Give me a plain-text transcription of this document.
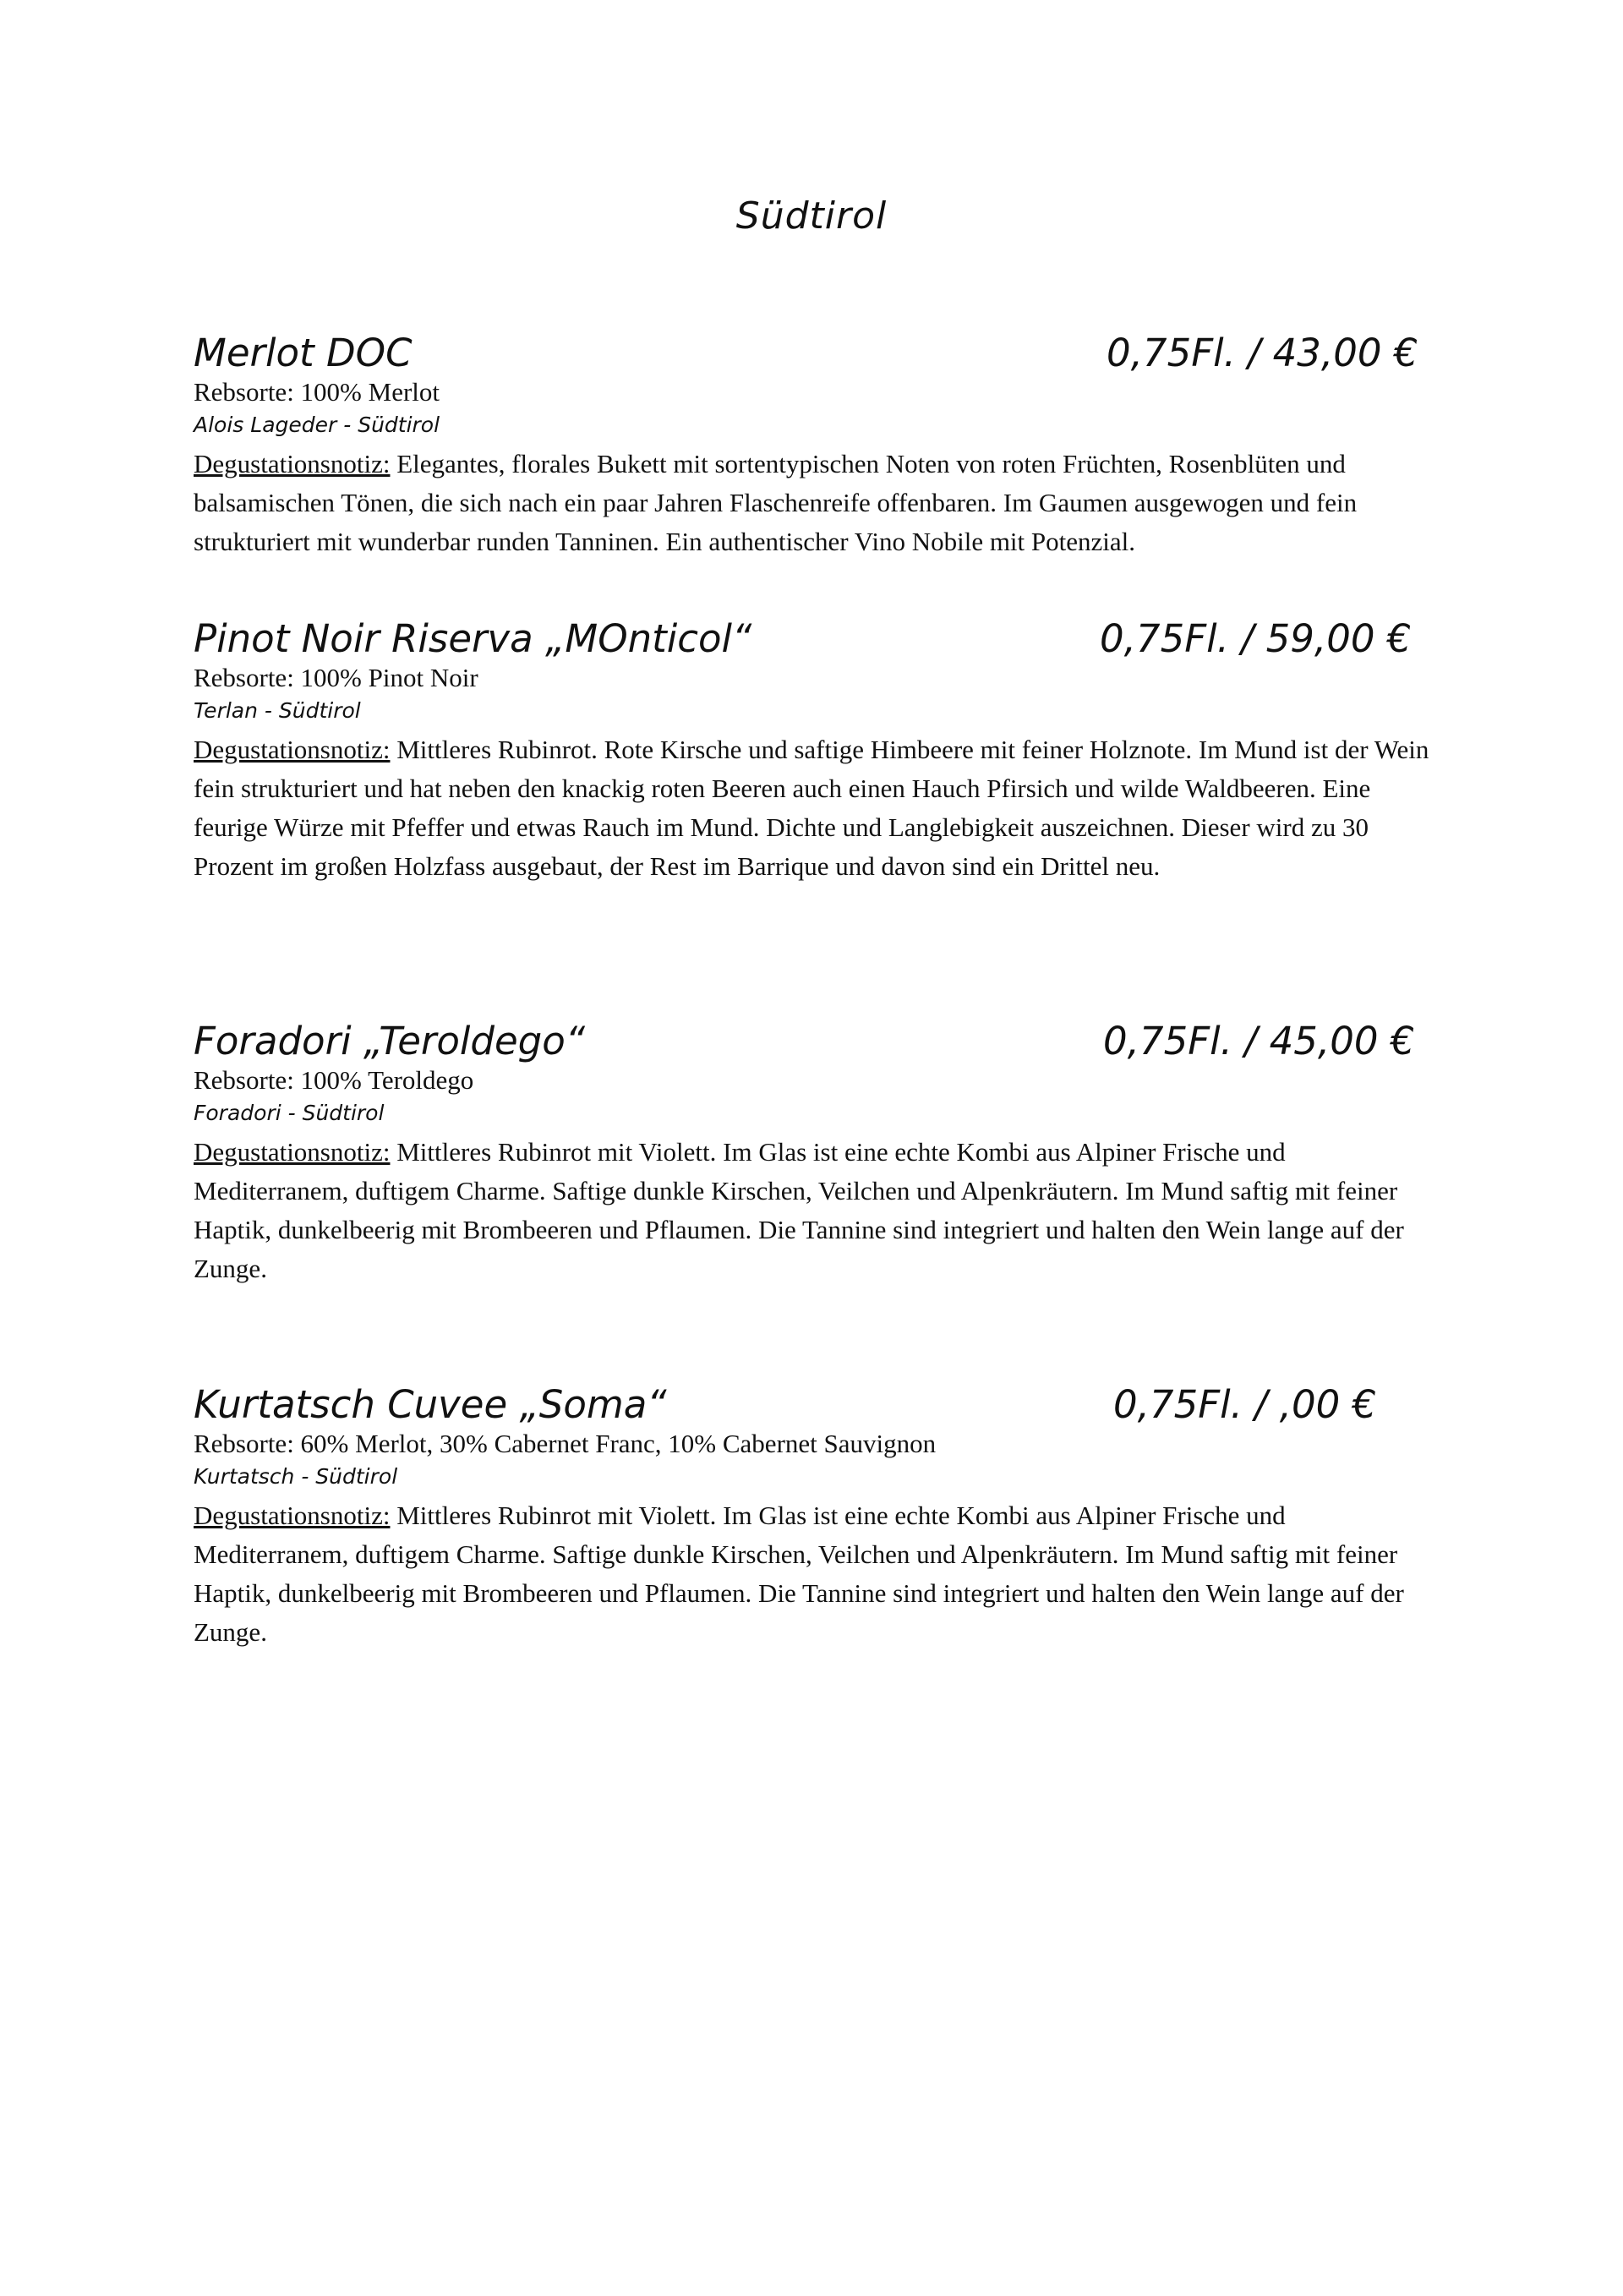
Südtirol
Merlot DOC	0,75Fl. / 43,00 €
Rebsorte: 100% Merlot
Alois Lageder - Südtirol
Degustationsnotiz: Elegantes, florales Bukett mit sortentypischen Noten von roten Früchten, Rosenblüten und balsamischen Tönen, die sich nach ein paar Jahren Flaschenreife offenbaren. Im Gaumen ausgewogen und fein strukturiert mit wunderbar runden Tanninen. Ein authentischer Vino Nobile mit Potenzial.
Pinot Noir Riserva „MOnticol“	0,75Fl. / 59,00 €
Rebsorte: 100% Pinot Noir
Terlan - Südtirol
Degustationsnotiz: Mittleres Rubinrot. Rote Kirsche und saftige Himbeere mit feiner Holznote. Im Mund ist der Wein fein strukturiert und hat neben den knackig roten Beeren auch einen Hauch Pfirsich und wilde Waldbeeren. Eine feurige Würze mit Pfeffer und etwas Rauch im Mund. Dichte und Langlebigkeit auszeichnen. Dieser wird zu 30 Prozent im großen Holzfass ausgebaut, der Rest im Barrique und davon sind ein Drittel neu.
Foradori „Teroldego“	0,75Fl. / 45,00 €
Rebsorte: 100% Teroldego
Foradori - Südtirol
Degustationsnotiz: Mittleres Rubinrot mit Violett. Im Glas ist eine echte Kombi aus Alpiner Frische und Mediterranem, duftigem Charme. Saftige dunkle Kirschen, Veilchen und Alpenkräutern. Im Mund saftig mit feiner Haptik, dunkelbeerig mit Brombeeren und Pflaumen. Die Tannine sind integriert und halten den Wein lange auf der Zunge.
Kurtatsch Cuvee „Soma“	0,75Fl. / ,00 €
Rebsorte: 60% Merlot, 30% Cabernet Franc, 10% Cabernet Sauvignon
Kurtatsch - Südtirol
Degustationsnotiz: Mittleres Rubinrot mit Violett. Im Glas ist eine echte Kombi aus Alpiner Frische und Mediterranem, duftigem Charme. Saftige dunkle Kirschen, Veilchen und Alpenkräutern. Im Mund saftig mit feiner Haptik, dunkelbeerig mit Brombeeren und Pflaumen. Die Tannine sind integriert und halten den Wein lange auf der Zunge.
